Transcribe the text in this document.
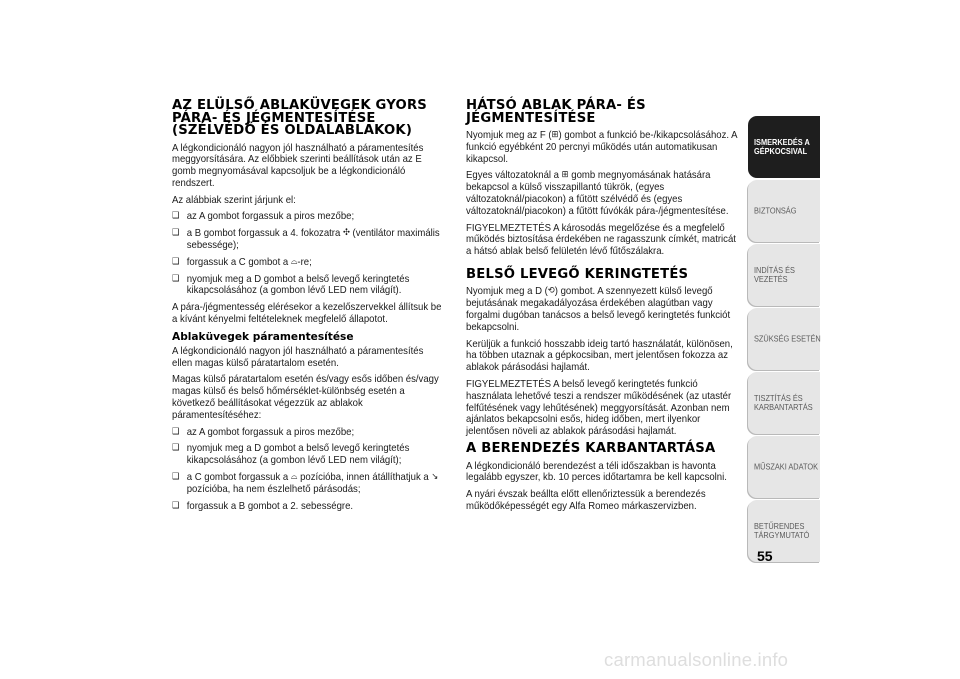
AZ ELÜLSŐ ABLAKÜVEGEK GYORS PÁRA- ÉS JÉGMENTESÍTÉSE (SZÉLVÉDŐ ÉS OLDALABLAKOK)

A légkondicionáló nagyon jól használható a páramentesítés meggyorsítására. Az előbbiek szerinti beállítások után az E gomb megnyomásával kapcsoljuk be a légkondicionáló rendszert.

Az alábbiak szerint járjunk el:

❑ az A gombot forgassuk a piros mezőbe;

❑ a B gombot forgassuk a 4. fokozatra ✣ (ventilátor maximális sebessége);

❑ forgassuk a C gombot a ⌓-re;

❑ nyomjuk meg a D gombot a belső levegő keringtetés kikapcsolásához (a gombon lévő LED nem világít).

A pára-/jégmentesség elérésekor a kezelőszervekkel állítsuk be a kívánt kényelmi feltételeknek megfelelő állapotot.

Ablaküvegek páramentesítése

A légkondicionáló nagyon jól használható a páramentesítés ellen magas külső páratartalom esetén.

Magas külső páratartalom esetén és/vagy esős időben és/vagy magas külső és belső hőmérséklet-különbség esetén a következő beállításokat végezzük az ablakok páramentesítéséhez:

❑ az A gombot forgassuk a piros mezőbe;

❑ nyomjuk meg a D gombot a belső levegő keringtetés kikapcsolásához (a gombon lévő LED nem világít);

❑ a C gombot forgassuk a ⌓ pozícióba, innen átállíthatjuk a ↘ pozícióba, ha nem észlelhető párásodás;

❑ forgassuk a B gombot a 2. sebességre.

HÁTSÓ ABLAK PÁRA- ÉS JÉGMENTESÍTÉSE

Nyomjuk meg az F (⊞) gombot a funkció be-/kikapcsolásához. A funkció egyébként 20 percnyi működés után automatikusan kikapcsol.

Egyes változatoknál a ⊞ gomb megnyomásának hatására bekapcsol a külső visszapillantó tükrök, (egyes változatoknál/piacokon) a fűtött szélvédő és (egyes változatoknál/piacokon) a fűtött fúvókák pára-/jégmentesítése.

FIGYELMEZTETÉS A károsodás megelőzése és a megfelelő működés biztosítása érdekében ne ragasszunk címkét, matricát a hátsó ablak belső felületén lévő fűtőszálakra.

BELSŐ LEVEGŐ KERINGTETÉS

Nyomjuk meg a D (⟲) gombot. A szennyezett külső levegő bejutásának megakadályozása érdekében alagútban vagy forgalmi dugóban tanácsos a belső levegő keringtetés funkciót bekapcsolni.

Kerüljük a funkció hosszabb ideig tartó használatát, különösen, ha többen utaznak a gépkocsiban, mert jelentősen fokozza az ablakok párásodási hajlamát.

FIGYELMEZTETÉS A belső levegő keringtetés funkció használata lehetővé teszi a rendszer működésének (az utastér felfűtésének vagy lehűtésének) meggyorsítását. Azonban nem ajánlatos bekapcsolni esős, hideg időben, mert ilyenkor jelentősen növeli az ablakok párásodási hajlamát.

A BERENDEZÉS KARBANTARTÁSA

A légkondicionáló berendezést a téli időszakban is havonta legalább egyszer, kb. 10 perces időtartamra be kell kapcsolni.

A nyári évszak beállta előtt ellenőriztessük a berendezés működőképességét egy Alfa Romeo márkaszervizben.

ISMERKEDÉS A GÉPKOCSIVAL
BIZTONSÁG
INDÍTÁS ÉS VEZETÉS
SZÜKSÉG ESETÉN
TISZTÍTÁS ÉS KARBANTARTÁS
MŰSZAKI ADATOK
BETŰRENDES TÁRGYMUTATÓ
55
carmanualsonline.info
